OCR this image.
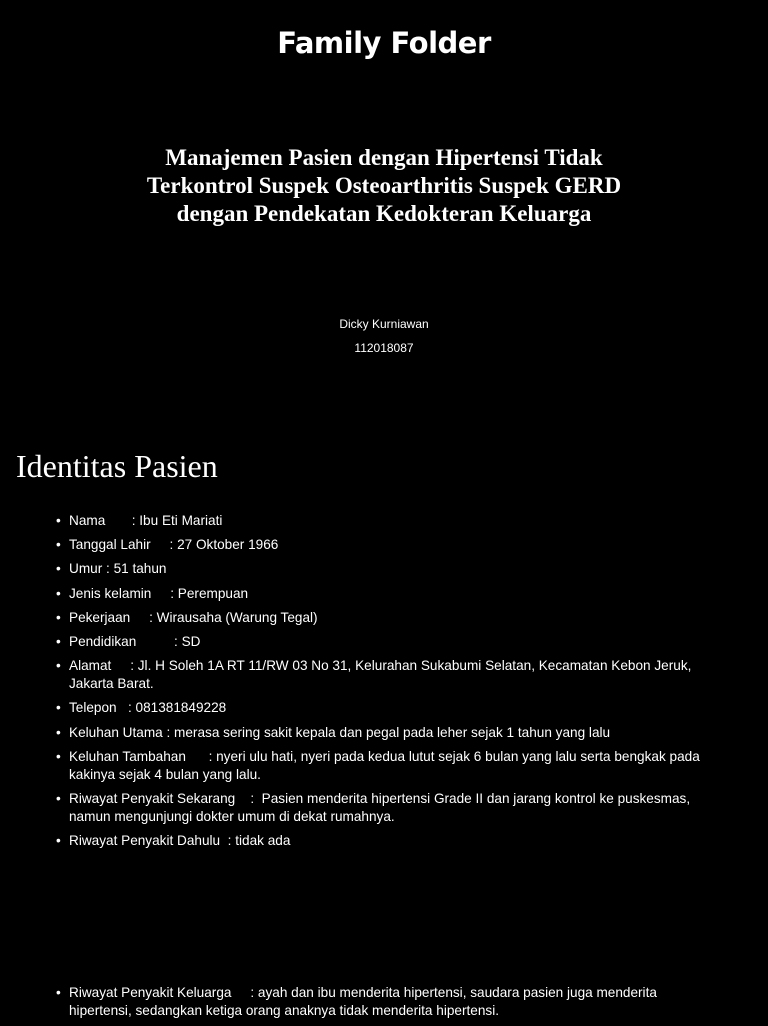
Family Folder
Manajemen Pasien dengan Hipertensi Tidak
Terkontrol Suspek Osteoarthritis Suspek GERD
dengan Pendekatan Kedokteran Keluarga
Dicky Kurniawan
112018087
Identitas Pasien
• Nama       : Ibu Eti Mariati
• Tanggal Lahir     : 27 Oktober 1966
• Umur : 51 tahun
• Jenis kelamin     : Perempuan
• Pekerjaan     : Wirausaha (Warung Tegal)
• Pendidikan          : SD
• Alamat     : Jl. H Soleh 1A RT 11/RW 03 No 31, Kelurahan Sukabumi Selatan, Kecamatan Kebon Jeruk, Jakarta Barat.
• Telepon   : 081381849228
• Keluhan Utama : merasa sering sakit kepala dan pegal pada leher sejak 1 tahun yang lalu
• Keluhan Tambahan      : nyeri ulu hati, nyeri pada kedua lutut sejak 6 bulan yang lalu serta bengkak pada kakinya sejak 4 bulan yang lalu.
• Riwayat Penyakit Sekarang    :  Pasien menderita hipertensi Grade II dan jarang kontrol ke puskesmas, namun mengunjungi dokter umum di dekat rumahnya.
• Riwayat Penyakit Dahulu  : tidak ada
• Riwayat Penyakit Keluarga     : ayah dan ibu menderita hipertensi, saudara pasien juga menderita hipertensi, sedangkan ketiga orang anaknya tidak menderita hipertensi.
